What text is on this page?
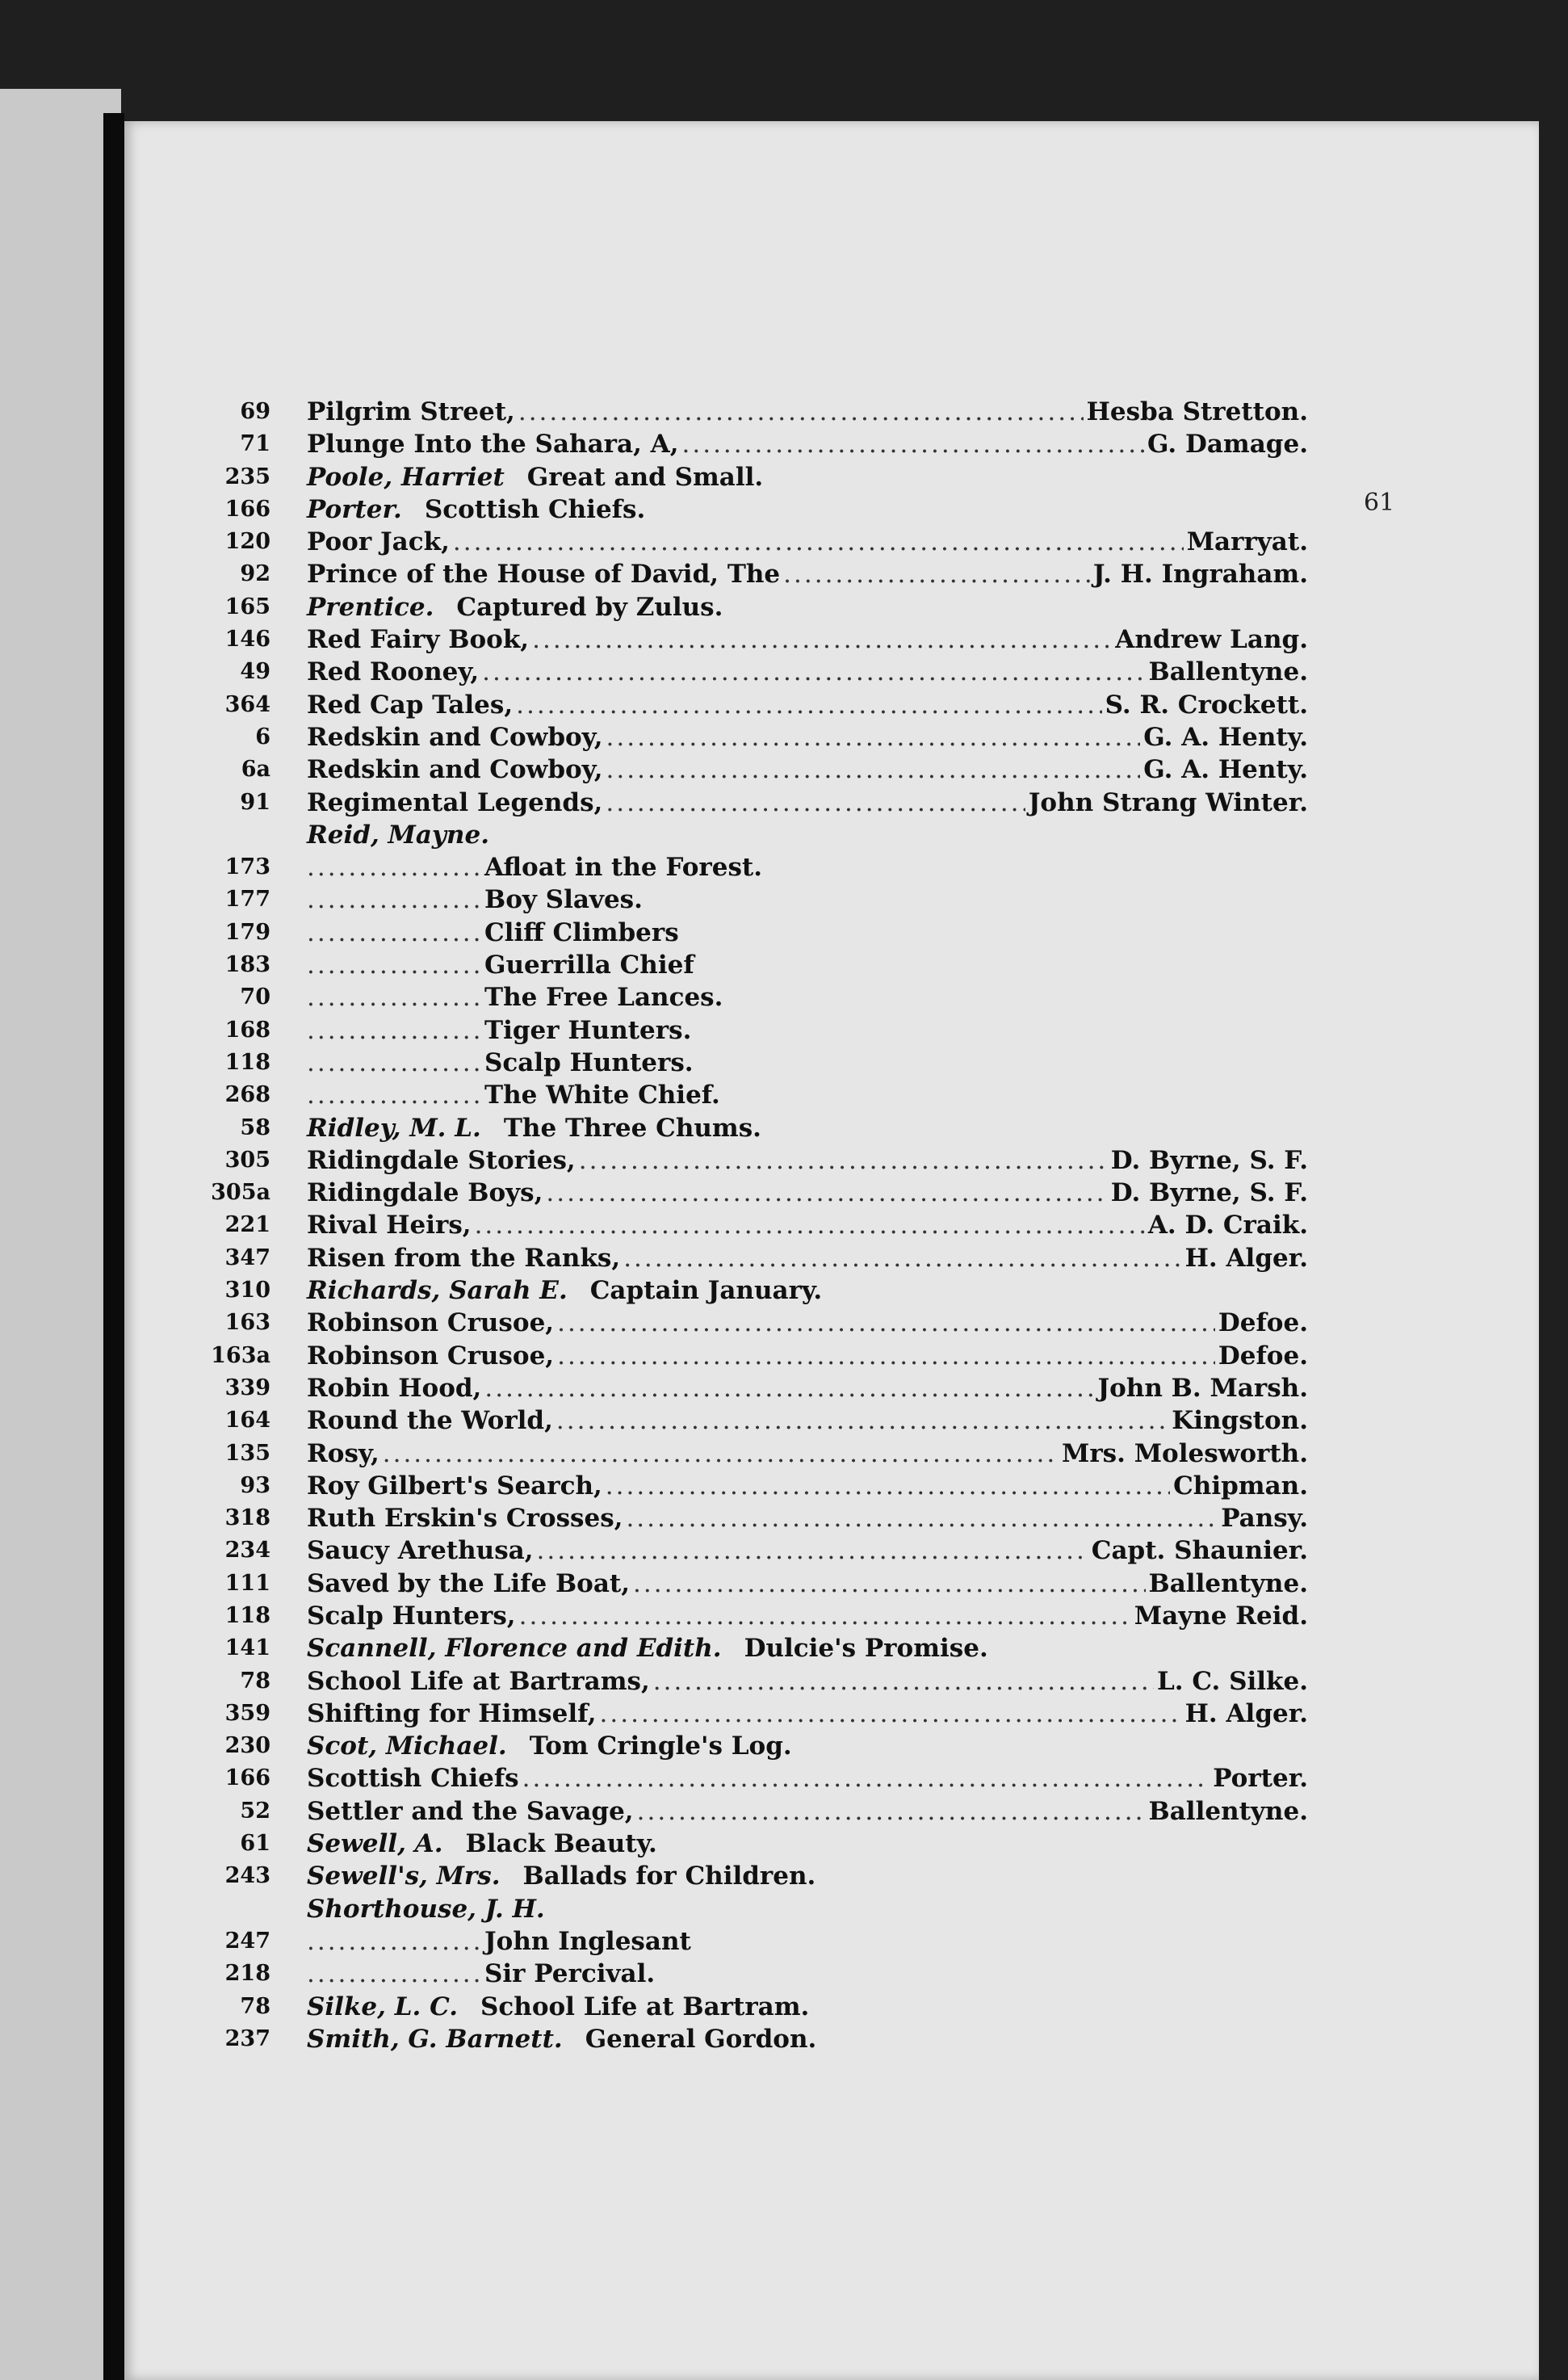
61
69 Pilgrim Street, .....	Hesba Stretton.
71 Plunge Into the Sahara, A, .....	G. Damage.
235 Poole, Harriet Great and Small.
166 Porter. Scottish Chiefs.
120 Poor Jack, .....	Marryat.
92 Prince of the House of David, The .....	J. H. Ingraham.
165 Prentice. Captured by Zulus.
146 Red Fairy Book, .....	Andrew Lang.
49 Red Rooney, .....	Ballentyne.
364 Red Cap Tales, .....	S. R. Crockett.
6 Redskin and Cowboy, .....	G. A. Henty.
6a Redskin and Cowboy, .....	G. A. Henty.
91 Regimental Legends, .....	John Strang Winter.
Reid, Mayne.
173 .....	Afloat in the Forest.
177 .....	Boy Slaves.
179 .....	Cliff Climbers
183 .....	Guerrilla Chief
70 .....	The Free Lances.
168 .....	Tiger Hunters.
118 .....	Scalp Hunters.
268 .....	The White Chief.
58 Ridley, M. L. The Three Chums.
305 Ridingdale Stories, .....	D. Byrne, S. F.
305a Ridingdale Boys, .....	D. Byrne, S. F.
221 Rival Heirs, .....	A. D. Craik.
347 Risen from the Ranks, .....	H. Alger.
310 Richards, Sarah E. Captain January.
163 Robinson Crusoe, .....	Defoe.
163a Robinson Crusoe, .....	Defoe.
339 Robin Hood, .....	John B. Marsh.
164 Round the World, .....	Kingston.
135 Rosy, .....	Mrs. Molesworth.
93 Roy Gilbert's Search, .....	Chipman.
318 Ruth Erskin's Crosses, .....	Pansy.
234 Saucy Arethusa, .....	Capt. Shaunier.
111 Saved by the Life Boat, .....	Ballentyne.
118 Scalp Hunters, .....	Mayne Reid.
141 Scannell, Florence and Edith. Dulcie's Promise.
78 School Life at Bartrams, .....	L. C. Silke.
359 Shifting for Himself, .....	H. Alger.
230 Scot, Michael. Tom Cringle's Log.
166 Scottish Chiefs .....	Porter.
52 Settler and the Savage, .....	Ballentyne.
61 Sewell, A. Black Beauty.
243 Sewell's, Mrs. Ballads for Children.
Shorthouse, J. H.
247 .....	John Inglesant
218 .....	Sir Percival.
78 Silke, L. C. School Life at Bartram.
237 Smith, G. Barnett. General Gordon.
